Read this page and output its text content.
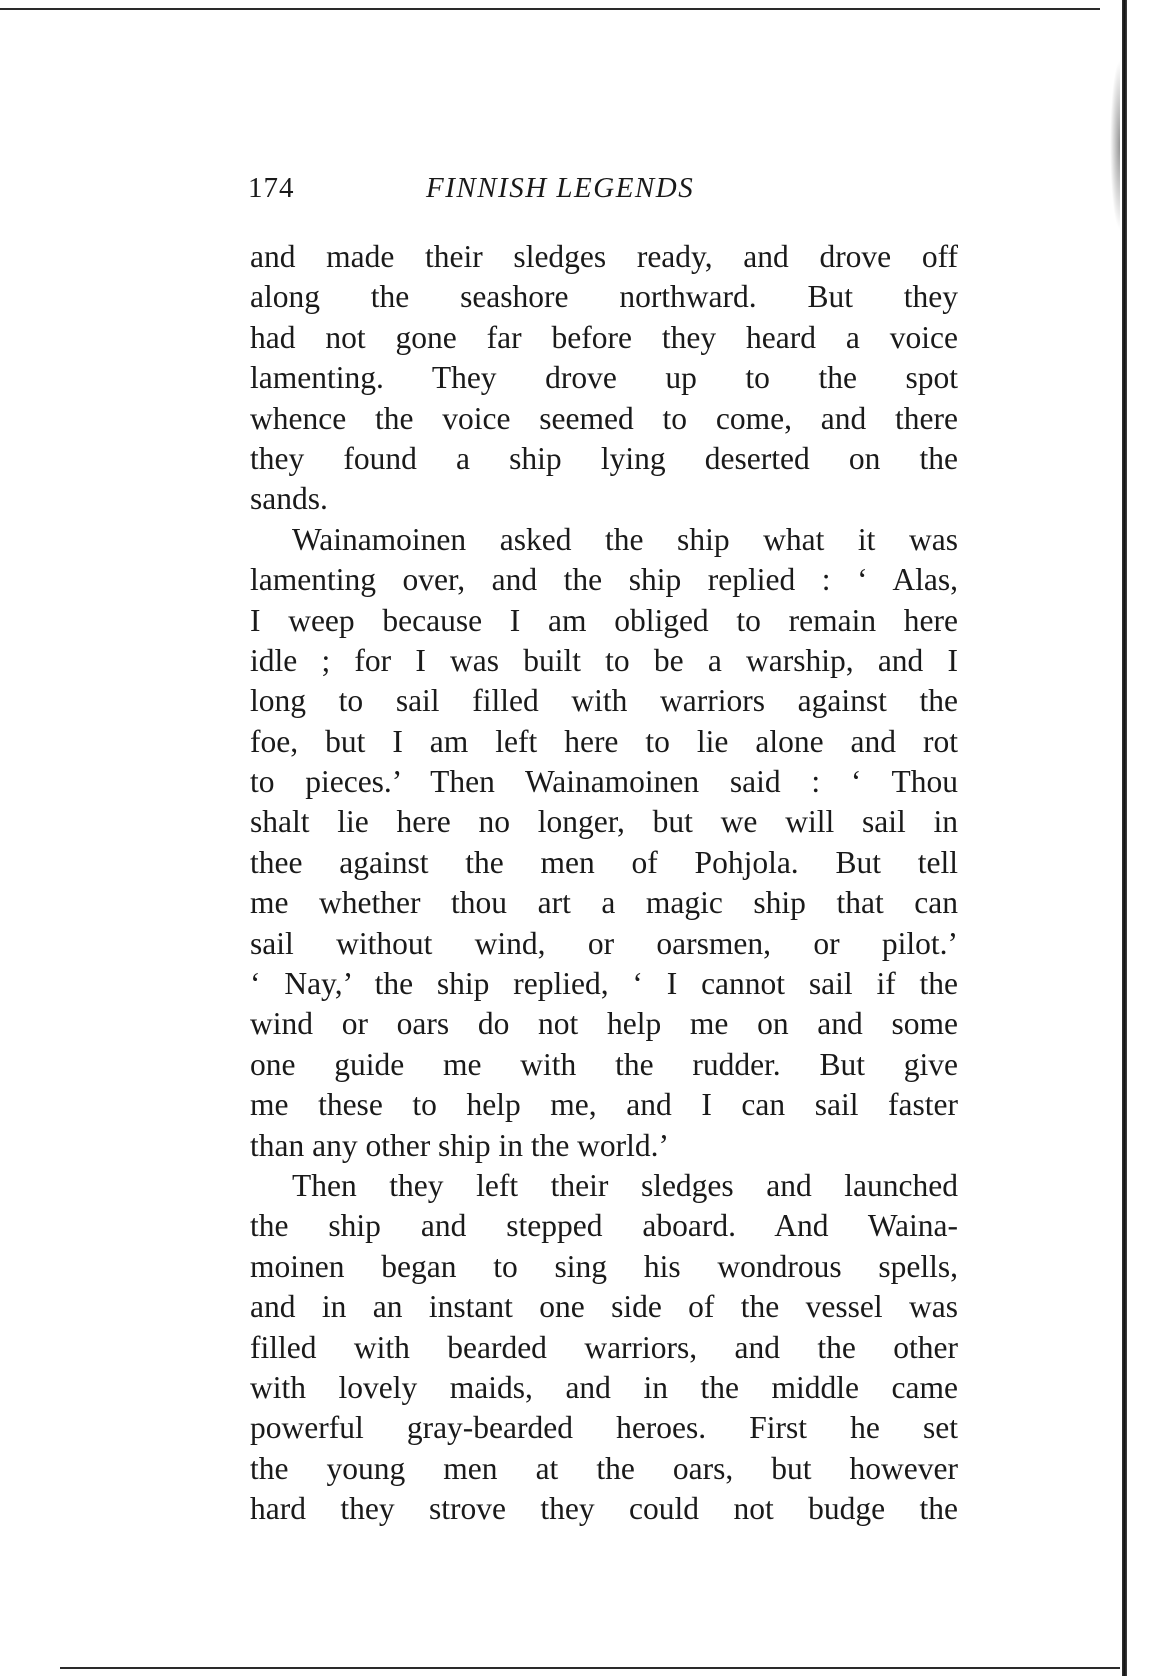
174	FINNISH LEGENDS
and made their sledges ready, and drove off
along the seashore northward. But they
had not gone far before they heard a voice
lamenting. They drove up to the spot
whence the voice seemed to come, and there
they found a ship lying deserted on the
sands.
Wainamoinen asked the ship what it was
lamenting over, and the ship replied : ‘ Alas,
I weep because I am obliged to remain here
idle ; for I was built to be a warship, and I
long to sail filled with warriors against the
foe, but I am left here to lie alone and rot
to pieces.’ Then Wainamoinen said : ‘ Thou
shalt lie here no longer, but we will sail in
thee against the men of Pohjola. But tell
me whether thou art a magic ship that can
sail without wind, or oarsmen, or pilot.’
‘ Nay,’ the ship replied, ‘ I cannot sail if the
wind or oars do not help me on and some
one guide me with the rudder. But give
me these to help me, and I can sail faster
than any other ship in the world.’
Then they left their sledges and launched
the ship and stepped aboard. And Waina-
moinen began to sing his wondrous spells,
and in an instant one side of the vessel was
filled with bearded warriors, and the other
with lovely maids, and in the middle came
powerful gray-bearded heroes. First he set
the young men at the oars, but however
hard they strove they could not budge the
